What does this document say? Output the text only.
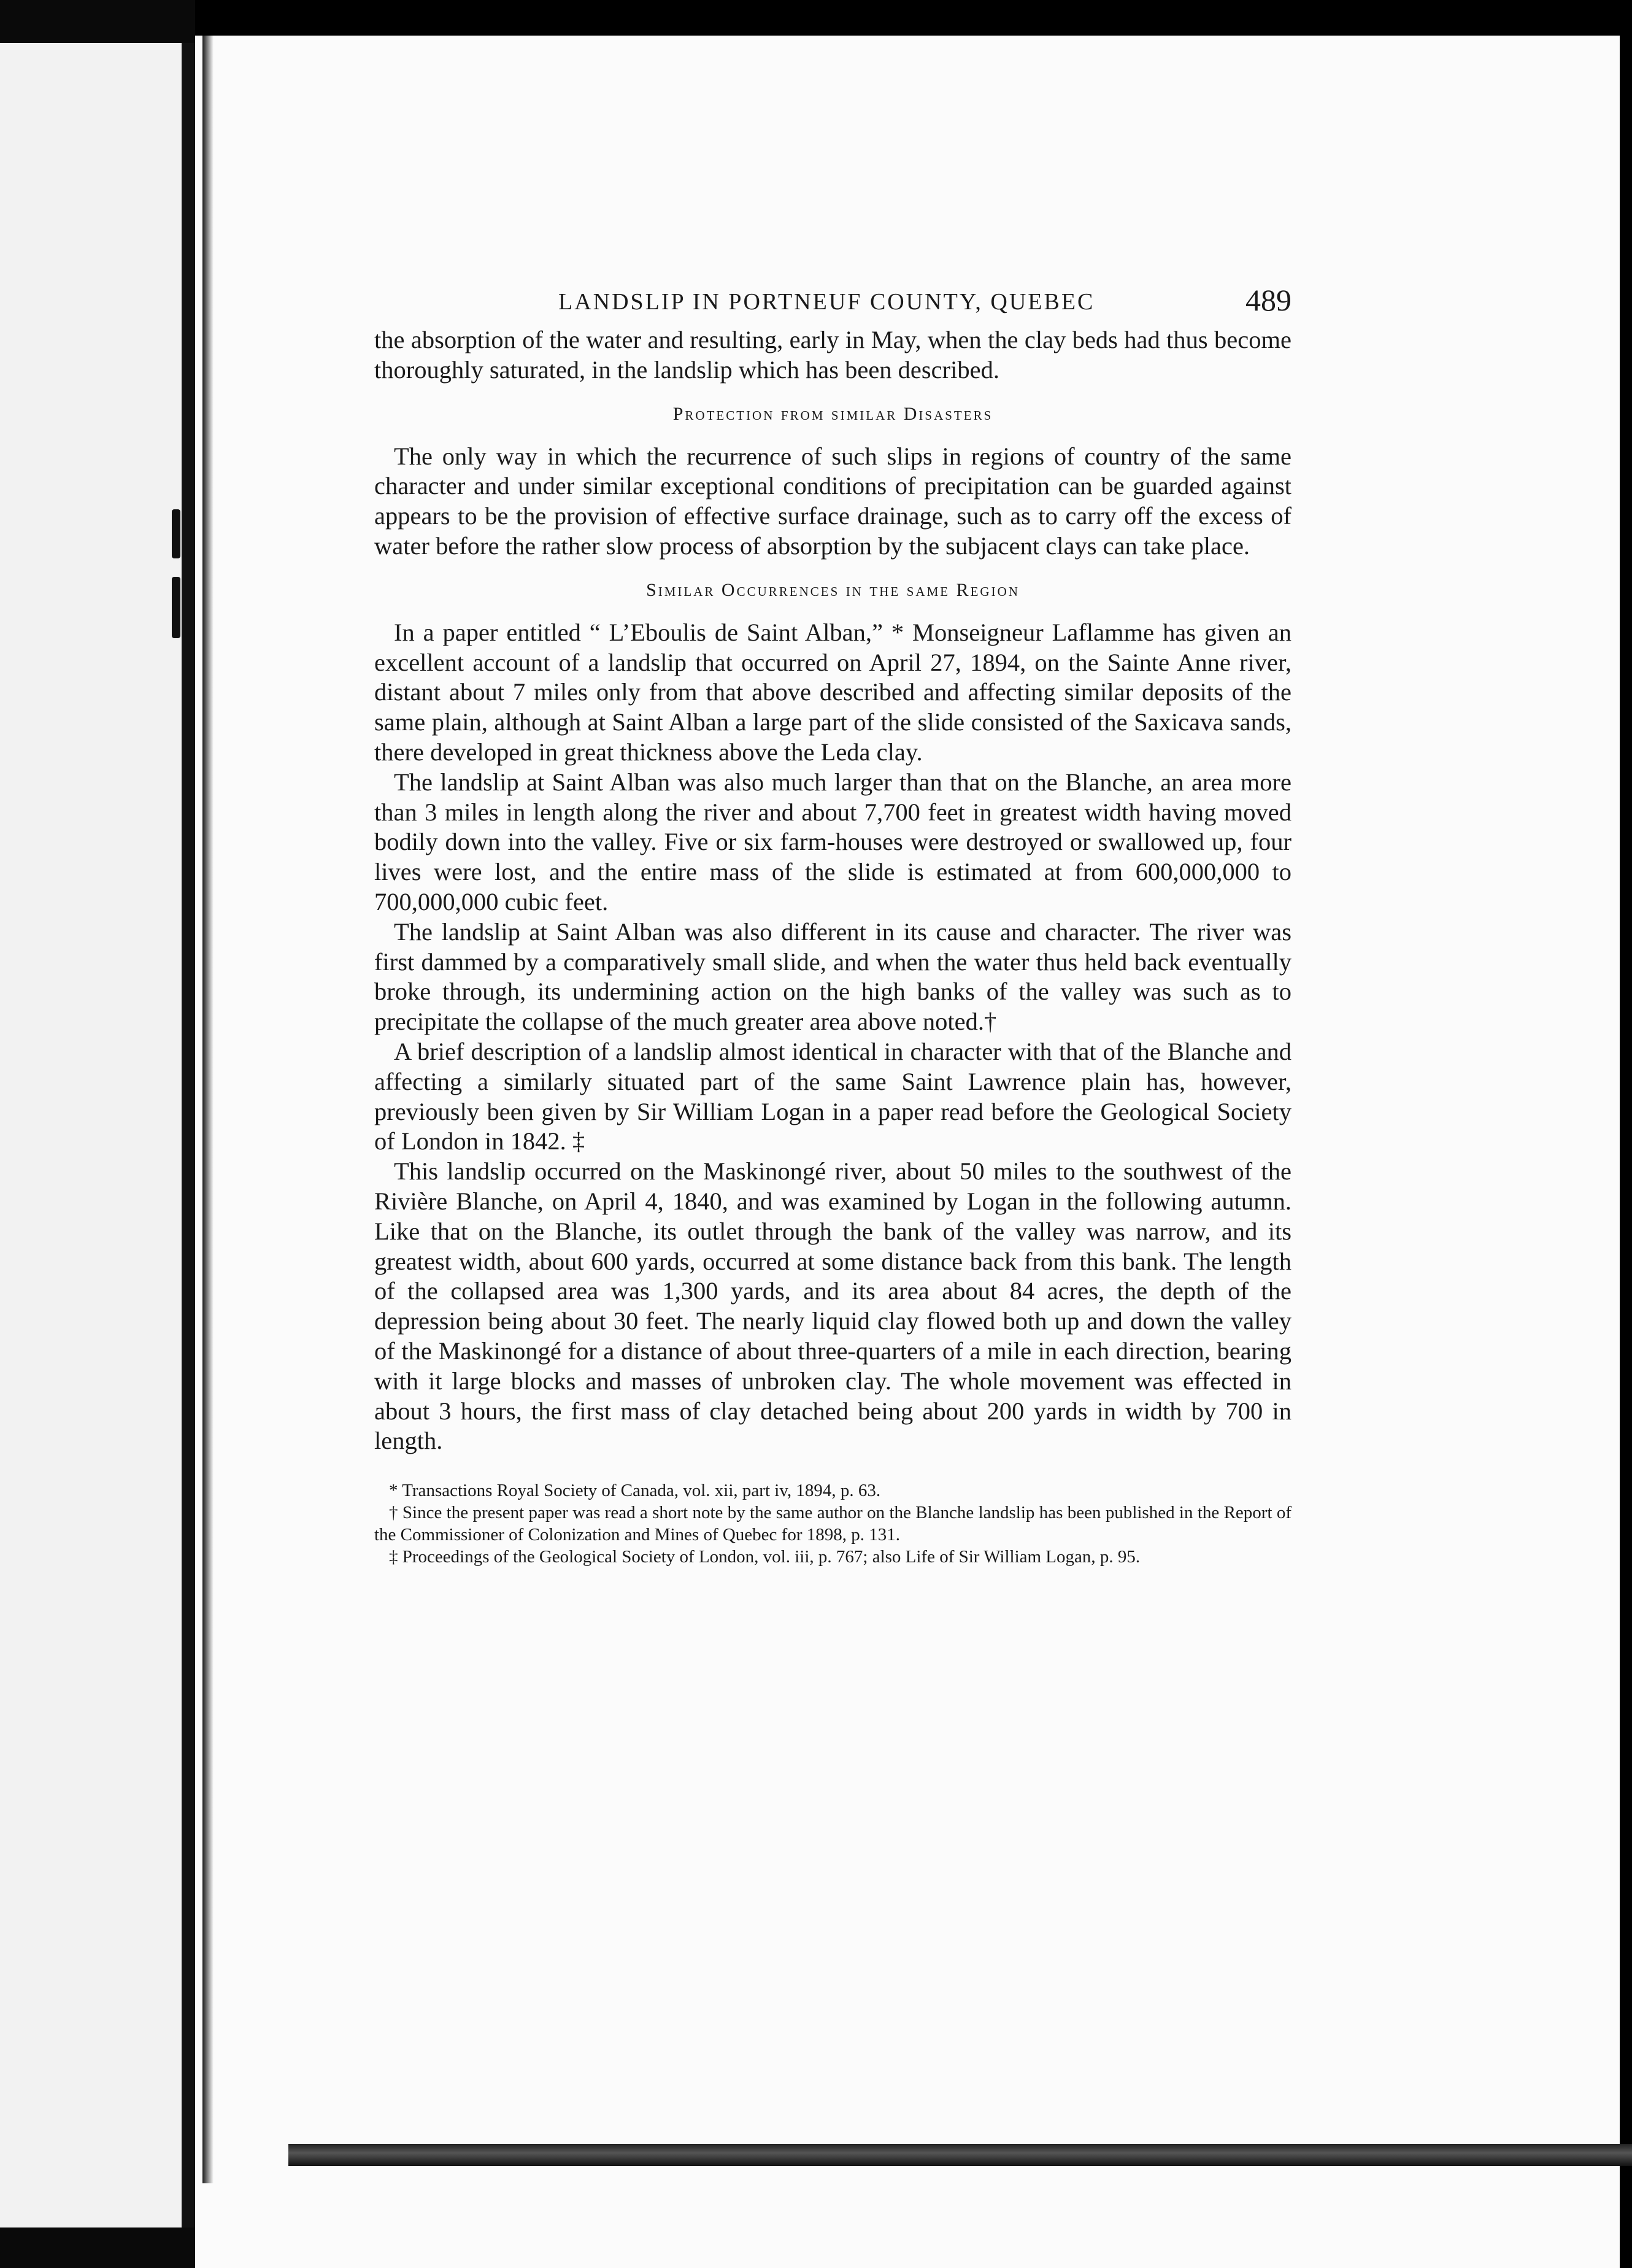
LANDSLIP IN PORTNEUF COUNTY, QUEBEC	489

the absorption of the water and resulting, early in May, when the clay beds had thus become thoroughly saturated, in the landslip which has been described.

Protection from similar Disasters

The only way in which the recurrence of such slips in regions of country of the same character and under similar exceptional conditions of precipitation can be guarded against appears to be the provision of effective surface drainage, such as to carry off the excess of water before the rather slow process of absorption by the subjacent clays can take place.

Similar Occurrences in the same Region

In a paper entitled “ L’Eboulis de Saint Alban,” * Monseigneur Laflamme has given an excellent account of a landslip that occurred on April 27, 1894, on the Sainte Anne river, distant about 7 miles only from that above described and affecting similar deposits of the same plain, although at Saint Alban a large part of the slide consisted of the Saxicava sands, there developed in great thickness above the Leda clay.

The landslip at Saint Alban was also much larger than that on the Blanche, an area more than 3 miles in length along the river and about 7,700 feet in greatest width having moved bodily down into the valley. Five or six farm-houses were destroyed or swallowed up, four lives were lost, and the entire mass of the slide is estimated at from 600,000,000 to 700,000,000 cubic feet.

The landslip at Saint Alban was also different in its cause and character. The river was first dammed by a comparatively small slide, and when the water thus held back eventually broke through, its undermining action on the high banks of the valley was such as to precipitate the collapse of the much greater area above noted.†

A brief description of a landslip almost identical in character with that of the Blanche and affecting a similarly situated part of the same Saint Lawrence plain has, however, previously been given by Sir William Logan in a paper read before the Geological Society of London in 1842. ‡

This landslip occurred on the Maskinongé river, about 50 miles to the southwest of the Rivière Blanche, on April 4, 1840, and was examined by Logan in the following autumn. Like that on the Blanche, its outlet through the bank of the valley was narrow, and its greatest width, about 600 yards, occurred at some distance back from this bank. The length of the collapsed area was 1,300 yards, and its area about 84 acres, the depth of the depression being about 30 feet. The nearly liquid clay flowed both up and down the valley of the Maskinongé for a distance of about three-quarters of a mile in each direction, bearing with it large blocks and masses of unbroken clay. The whole movement was effected in about 3 hours, the first mass of clay detached being about 200 yards in width by 700 in length.

* Transactions Royal Society of Canada, vol. xii, part iv, 1894, p. 63.

† Since the present paper was read a short note by the same author on the Blanche landslip has been published in the Report of the Commissioner of Colonization and Mines of Quebec for 1898, p. 131.

‡ Proceedings of the Geological Society of London, vol. iii, p. 767; also Life of Sir William Logan, p. 95.
